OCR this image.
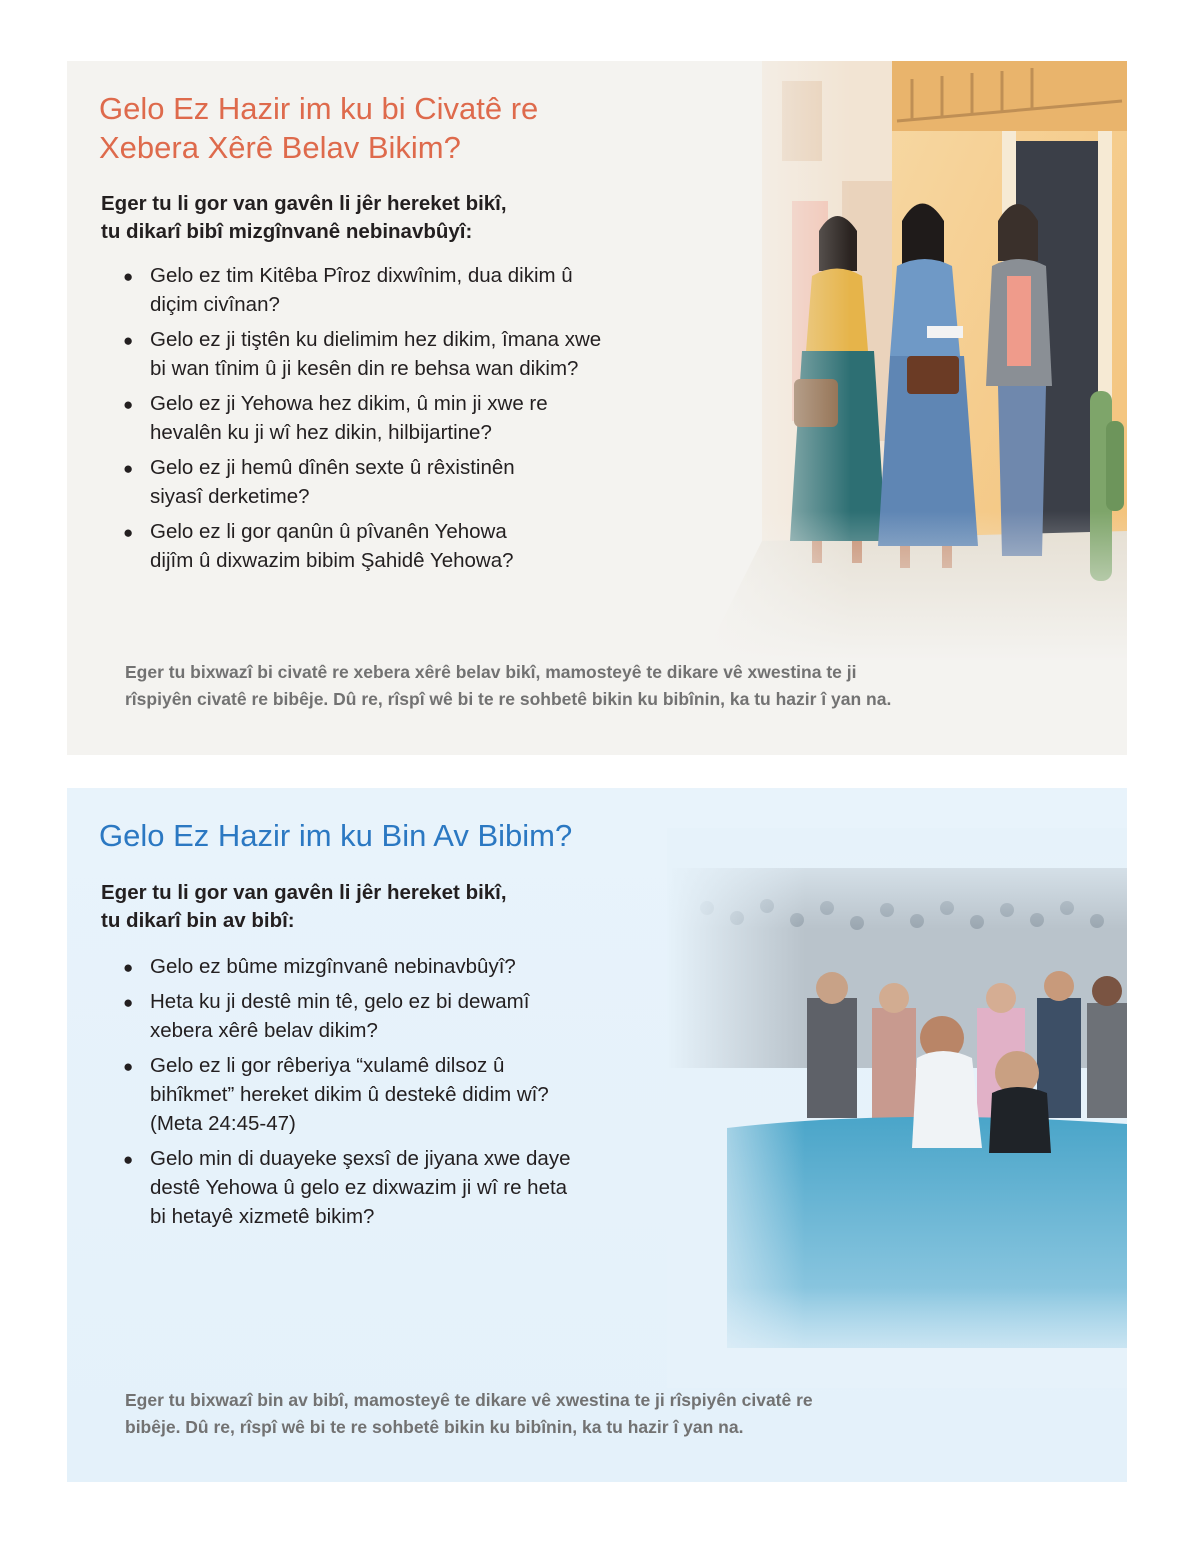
Gelo Ez Hazir im ku bi Civatê re
Xebera Xêrê Belav Bikim?

Eger tu li gor van gavên li jêr hereket bikî,
tu dikarî bibî mizgînvanê nebinavbûyî:

● Gelo ez tim Kitêba Pîroz dixwînim, dua dikim û
diçim civînan?
● Gelo ez ji tiştên ku dielimim hez dikim, îmana xwe
bi wan tînim û ji kesên din re behsa wan dikim?
● Gelo ez ji Yehowa hez dikim, û min ji xwe re
hevalên ku ji wî hez dikin, hilbijartine?
● Gelo ez ji hemû dînên sexte û rêxistinên
siyasî derketime?
● Gelo ez li gor qanûn û pîvanên Yehowa
dijîm û dixwazim bibim Şahidê Yehowa?

Eger tu bixwazî bi civatê re xebera xêrê belav bikî, mamosteyê te dikare vê xwestina te ji
rîspiyên civatê re bibêje. Dû re, rîspî wê bi te re sohbetê bikin ku bibînin, ka tu hazir î yan na.

Gelo Ez Hazir im ku Bin Av Bibim?

Eger tu li gor van gavên li jêr hereket bikî,
tu dikarî bin av bibî:

● Gelo ez bûme mizgînvanê nebinavbûyî?
● Heta ku ji destê min tê, gelo ez bi dewamî
xebera xêrê belav dikim?
● Gelo ez li gor rêberiya “xulamê dilsoz û
bihîkmet” hereket dikim û destekê didim wî?
(Meta 24:45-47)
● Gelo min di duayeke şexsî de jiyana xwe daye
destê Yehowa û gelo ez dixwazim ji wî re heta
bi hetayê xizmetê bikim?

Eger tu bixwazî bin av bibî, mamosteyê te dikare vê xwestina te ji rîspiyên civatê re
bibêje. Dû re, rîspî wê bi te re sohbetê bikin ku bibînin, ka tu hazir î yan na.
